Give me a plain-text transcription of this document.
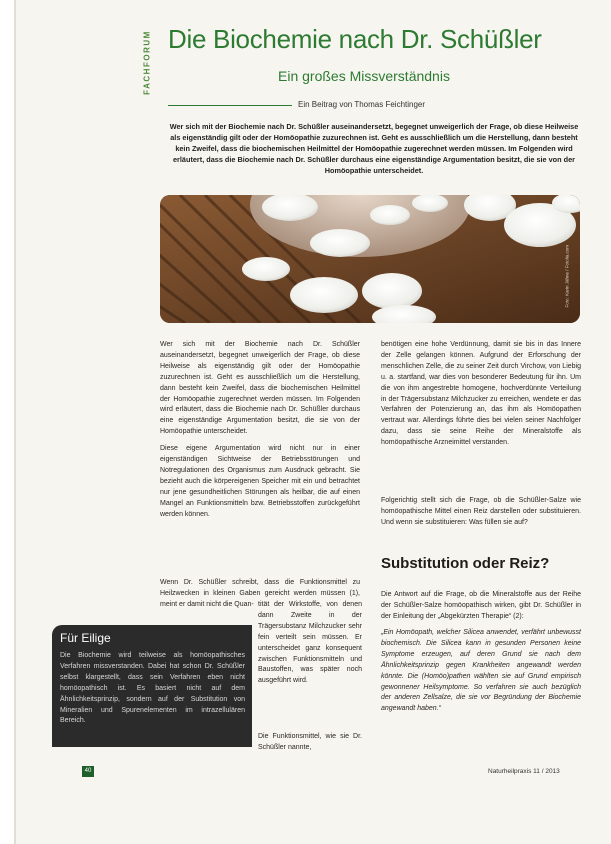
FACHFORUM Die Biochemie nach Dr. Schüßler
Ein großes Missverständnis
Ein Beitrag von Thomas Feichtinger
Wer sich mit der Biochemie nach Dr. Schüßler auseinandersetzt, begegnet unweigerlich der Frage, ob diese Heilweise als eigenständig gilt oder der Homöopathie zuzurechnen ist. Geht es ausschließlich um die Herstellung, dann besteht kein Zweifel, dass die biochemischen Heilmittel der Homöopathie zugerechnet werden müssen. Im Folgenden wird erläutert, dass die Biochemie nach Dr. Schüßler durchaus eine eigenständige Argumentation besitzt, die sie von der Homöopathie unterscheidet.
Foto: Karin Jähne / Fotolia.com

Wer sich mit der Biochemie nach Dr. Schüßler auseinandersetzt, begegnet unweigerlich der Frage, ob diese Heilweise als eigenständig gilt oder der Homöopathie zuzurechnen ist. Geht es ausschließlich um die Herstellung, dann besteht kein Zweifel, dass die biochemischen Heilmittel der Homöopathie zugerechnet werden müssen. Im Folgenden wird erläutert, dass die Biochemie nach Dr. Schüßler durchaus eine eigenständige Argumentation besitzt, die sie von der Homöopathie unterscheidet.

Diese eigene Argumentation wird nicht nur in einer eigenständigen Sichtweise der Betriebsstörungen und Notregulationen des Organismus zum Ausdruck gebracht. Sie bezieht auch die körpereigenen Speicher mit ein und betrachtet nur jene gesundheitlichen Störungen als heilbar, die auf einen Mangel an Funktionsmitteln bzw. Betriebsstoffen zurückgeführt werden können.

Wenn Dr. Schüßler schreibt, dass die Funktionsmittel zu Heilzwecken in kleinen Gaben gereicht werden müssen (1), meint er damit nicht die Quan- tität der Wirkstoffe, von denen dann Zweite in der Trägersubstanz Milchzucker sehr fein verteilt sein müssen. Er unterscheidet ganz konsequent zwischen Funktionsmitteln und Baustoffen, was später noch ausgeführt wird.

Die Funktionsmittel, wie sie Dr. Schüßler nannte,

benötigen eine hohe Verdünnung, damit sie bis in das Innere der Zelle gelangen können. Aufgrund der Erforschung der menschlichen Zelle, die zu seiner Zeit durch Virchow, von Liebig u. a. startfand, war dies von besonderer Bedeutung für ihn. Um die von ihm angestrebte homogene, hochverdünnte Verteilung in der Trägersubstanz Milchzucker zu erreichen, wendete er das Verfahren der Potenzierung an, das ihm als Homöopathen vertraut war. Allerdings führte dies bei vielen seiner Nachfolger dazu, dass sie seine Reihe der Mineralstoffe als homöopathische Arzneimittel verstanden.

Folgerichtig stellt sich die Frage, ob die Schüßler-Salze wie homöopathische Mittel einen Reiz darstellen oder substituieren. Und wenn sie substituieren: Was füllen sie auf?

Substitution oder Reiz?

Die Antwort auf die Frage, ob die Mineralstoffe aus der Reihe der Schüßler-Salze homöopathisch wirken, gibt Dr. Schüßler in der Einleitung der „Abgekürzten Therapie“ (2):

„Ein Homöopath, welcher Silicea anwendet, verfährt unbewusst biochemisch. Die Silicea kann in gesunden Personen keine Symptome erzeugen, auf deren Grund sie nach dem Ähnlichkeitsprinzip gegen Krankheiten angewandt werden könnte. Die (Homöo)pathen wählten sie auf Grund empirisch gewonnener Heilsymptome. So verfahren sie auch bezüglich der anderen Zellsalze, die sie vor Begründung der Biochemie angewandt haben.“
Für Eilige
Die Biochemie wird teilweise als homöopathisches Verfahren missverstanden. Dabei hat schon Dr. Schüßler selbst klargestellt, dass sein Verfahren eben nicht homöopathisch ist. Es basiert nicht auf dem Ähnlichkeitsprinzip, sondern auf der Substitution von Mineralien und Spurenelementen im intrazellulären Bereich.
40	Naturheilpraxis 11 / 2013
